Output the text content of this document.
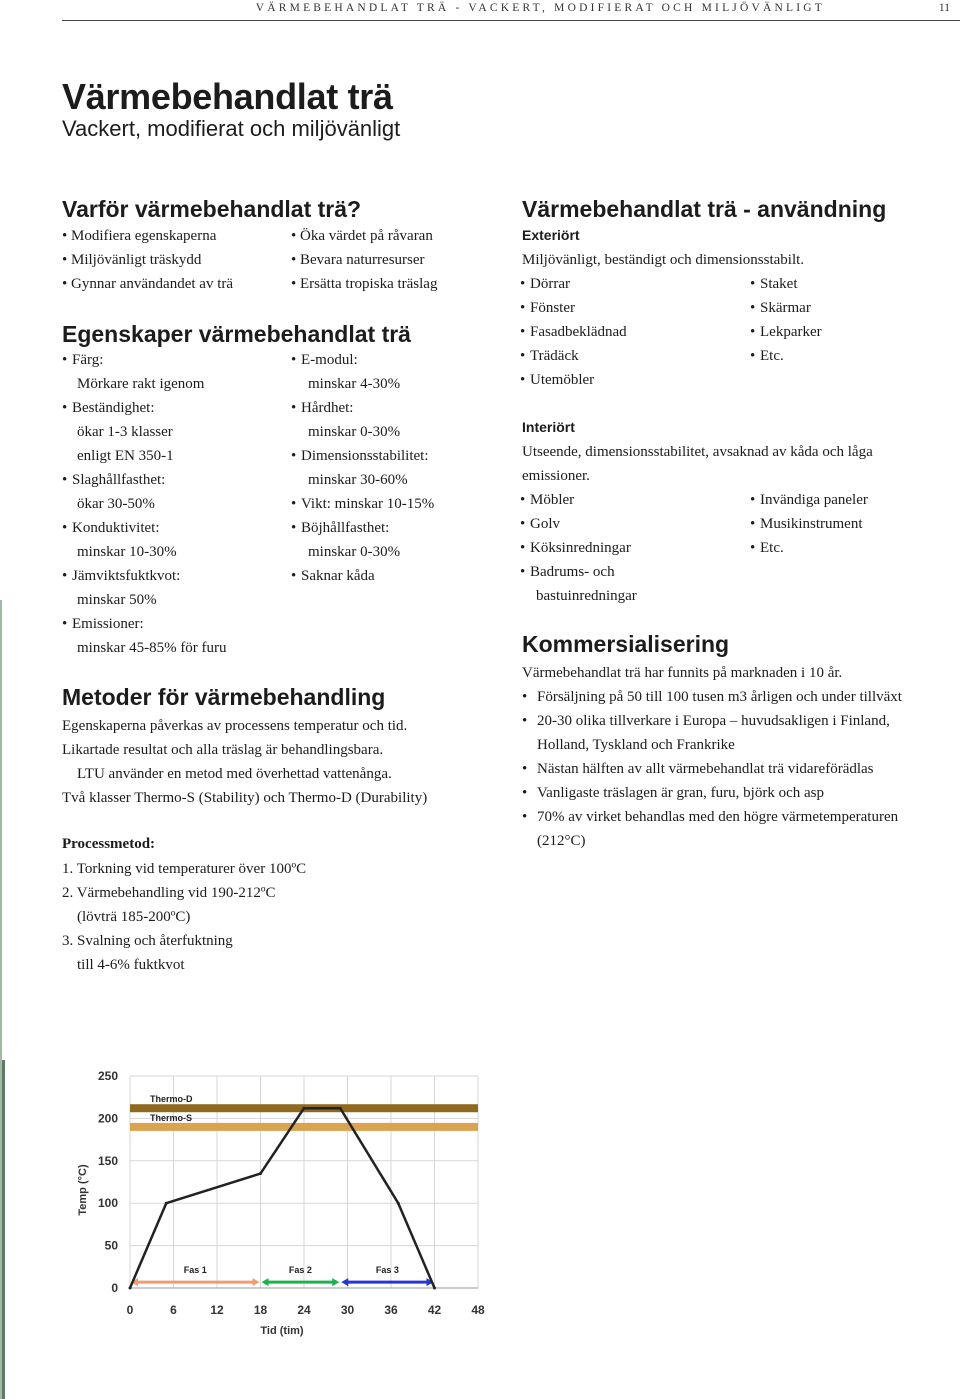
VÄRMEBEHANDLAT TRÄ - VACKERT, MODIFIERAT OCH MILJÖVÄNLIGT	11
Värmebehandlat trä
Vackert, modifierat och miljövänligt
Varför värmebehandlat trä?
• Modifiera egenskaperna
• Miljövänligt träskydd
• Gynnar användandet av trä
• Öka värdet på råvaran
• Bevara naturresurser
• Ersätta tropiska träslag
Egenskaper värmebehandlat trä
• Färg:
Mörkare rakt igenom
• Beständighet:
ökar 1-3 klasser
enligt EN 350-1
• Slaghållfasthet:
ökar 30-50%
• Konduktivitet:
minskar 10-30%
• Jämviktsfuktkvot:
minskar 50%
• Emissioner:
minskar 45-85% för furu
• E-modul:
minskar 4-30%
• Hårdhet:
minskar 0-30%
• Dimensionsstabilitet:
minskar 30-60%
• Vikt: minskar 10-15%
• Böjhållfasthet:
minskar 0-30%
• Saknar kåda
Metoder för värmebehandling
Egenskaperna påverkas av processens temperatur och tid.
Likartade resultat och alla träslag är behandlingsbara.
LTU använder en metod med överhettad vattenånga.
Två klasser Thermo-S (Stability) och Thermo-D (Durability)
Processmetod:
1. Torkning vid temperaturer över 100ºC
2. Värmebehandling vid 190-212ºC
(lövträ 185-200ºC)
3. Svalning och återfuktning
till 4-6% fuktkvot
Värmebehandlat trä - användning
Exteriört
Miljövänligt, beständigt och dimensionsstabilt.
• Dörrar
• Fönster
• Fasadbeklädnad
• Trädäck
• Utemöbler
• Staket
• Skärmar
• Lekparker
• Etc.
Interiört
Utseende, dimensionsstabilitet, avsaknad av kåda och låga
emissioner.
• Möbler
• Golv
• Köksinredningar
• Badrums- och
bastuinredningar
• Invändiga paneler
• Musikinstrument
• Etc.
Kommersialisering
Värmebehandlat trä har funnits på marknaden i 10 år.
• Försäljning på 50 till 100 tusen m3 årligen och under tillväxt
• 20-30 olika tillverkare i Europa – huvudsakligen i Finland,
Holland, Tyskland och Frankrike
• Nästan hälften av allt värmebehandlat trä vidareförädlas
• Vanligaste träslagen är gran, furu, björk och asp
• 70% av virket behandlas med den högre värmetemperaturen
(212°C)
Thermo-D
Thermo-S
Fas 1	Fas 2	Fas 3
0
50
100
150
200
250
0	6	12	18	24	30	36	42	48
Tid (tim)
Temp (°C)
